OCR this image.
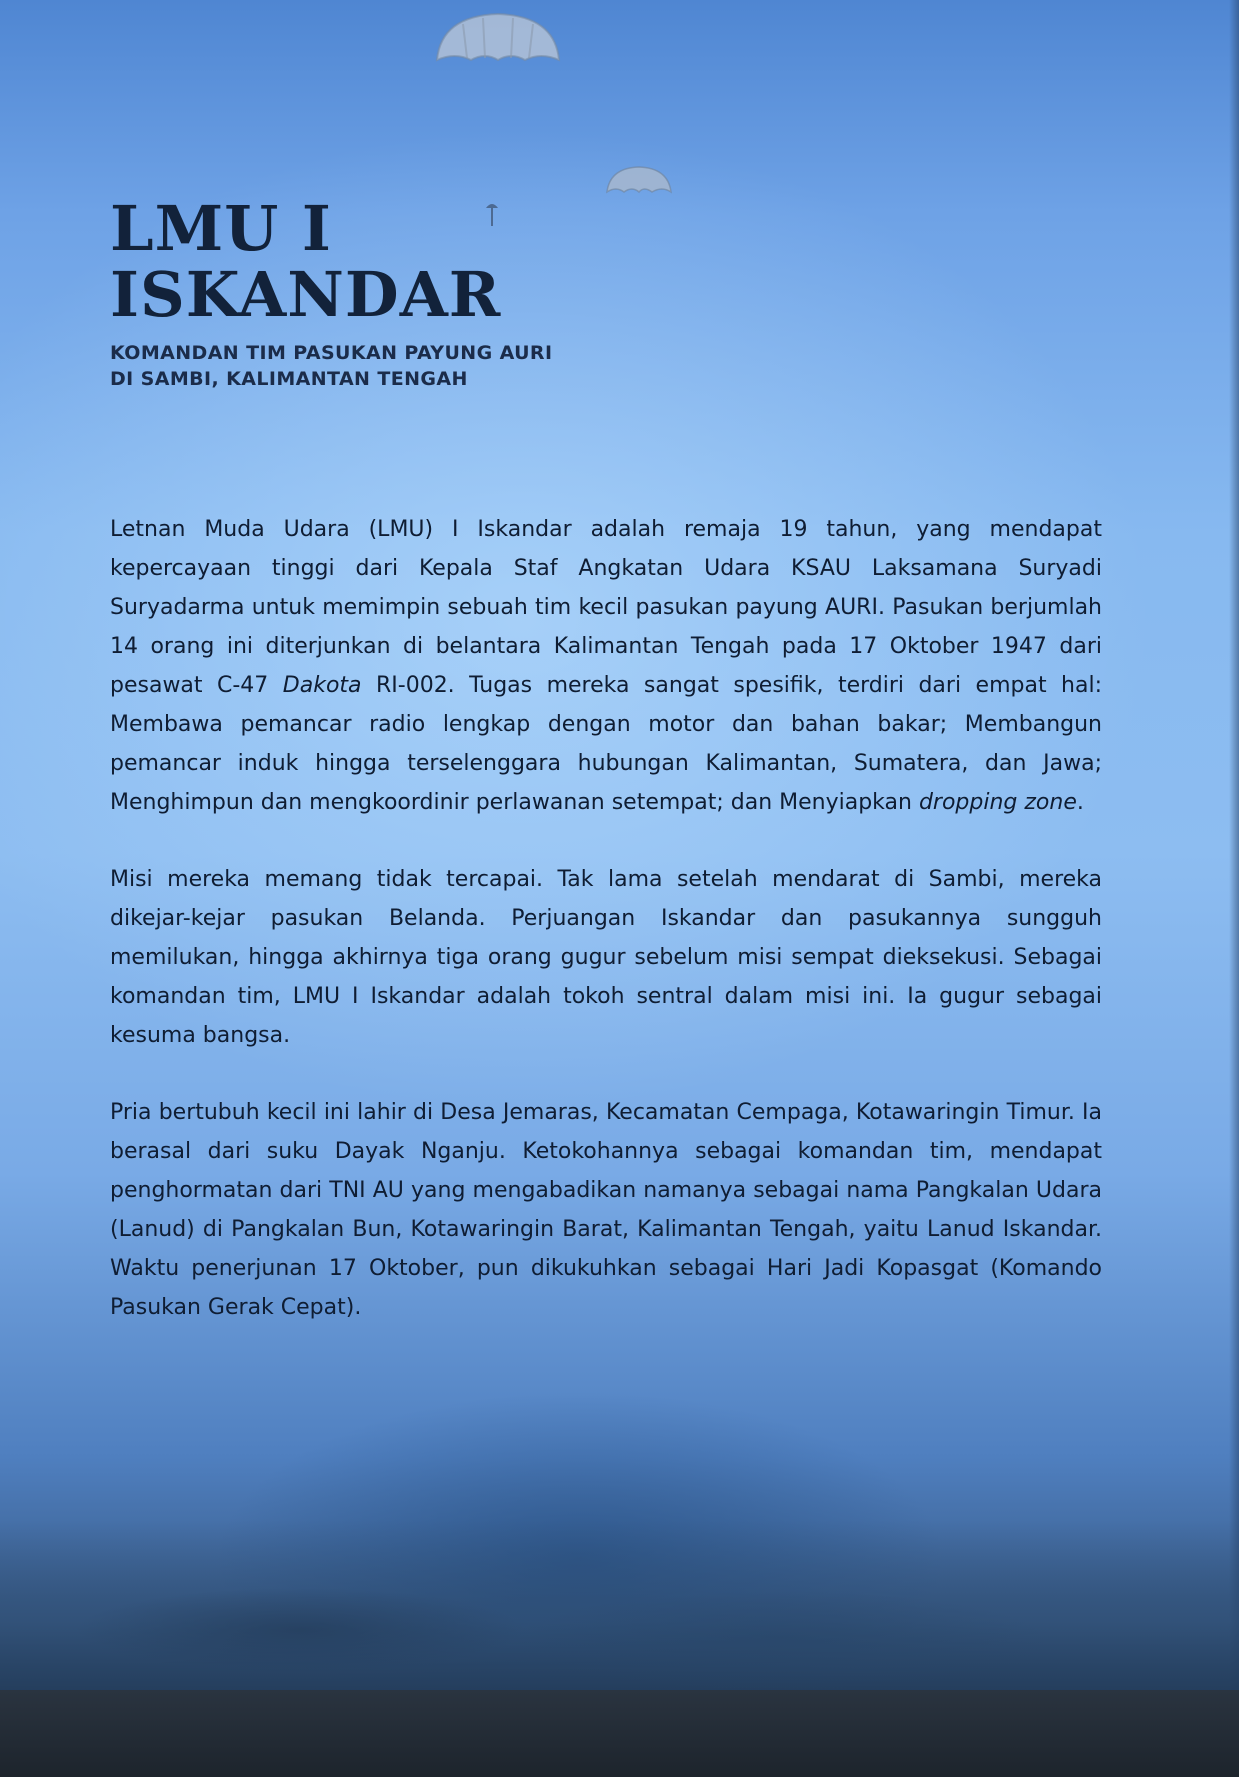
LMU I
ISKANDAR
KOMANDAN TIM PASUKAN PAYUNG AURI
DI SAMBI, KALIMANTAN TENGAH

Letnan Muda Udara (LMU) I Iskandar adalah remaja 19 tahun, yang mendapat kepercayaan tinggi dari Kepala Staf Angkatan Udara KSAU Laksamana Suryadi Suryadarma untuk memimpin sebuah tim kecil pasukan payung AURI. Pasukan berjumlah 14 orang ini diterjunkan di belantara Kalimantan Tengah pada 17 Oktober 1947 dari pesawat C-47 Dakota RI-002. Tugas mereka sangat spesifik, terdiri dari empat hal: Membawa pemancar radio lengkap dengan motor dan bahan bakar; Membangun pemancar induk hingga terselenggara hubungan Kalimantan, Sumatera, dan Jawa; Menghimpun dan mengkoordinir perlawanan setempat; dan Menyiapkan dropping zone.

Misi mereka memang tidak tercapai. Tak lama setelah mendarat di Sambi, mereka dikejar-kejar pasukan Belanda. Perjuangan Iskandar dan pasukannya sungguh memilukan, hingga akhirnya tiga orang gugur sebelum misi sempat dieksekusi. Sebagai komandan tim, LMU I Iskandar adalah tokoh sentral dalam misi ini. Ia gugur sebagai kesuma bangsa.

Pria bertubuh kecil ini lahir di Desa Jemaras, Kecamatan Cempaga, Kotawaringin Timur. Ia berasal dari suku Dayak Nganju. Ketokohannya sebagai komandan tim, mendapat penghormatan dari TNI AU yang mengabadikan namanya sebagai nama Pangkalan Udara (Lanud) di Pangkalan Bun, Kotawaringin Barat, Kalimantan Tengah, yaitu Lanud Iskandar. Waktu penerjunan 17 Oktober, pun dikukuhkan sebagai Hari Jadi Kopasgat (Komando Pasukan Gerak Cepat).
